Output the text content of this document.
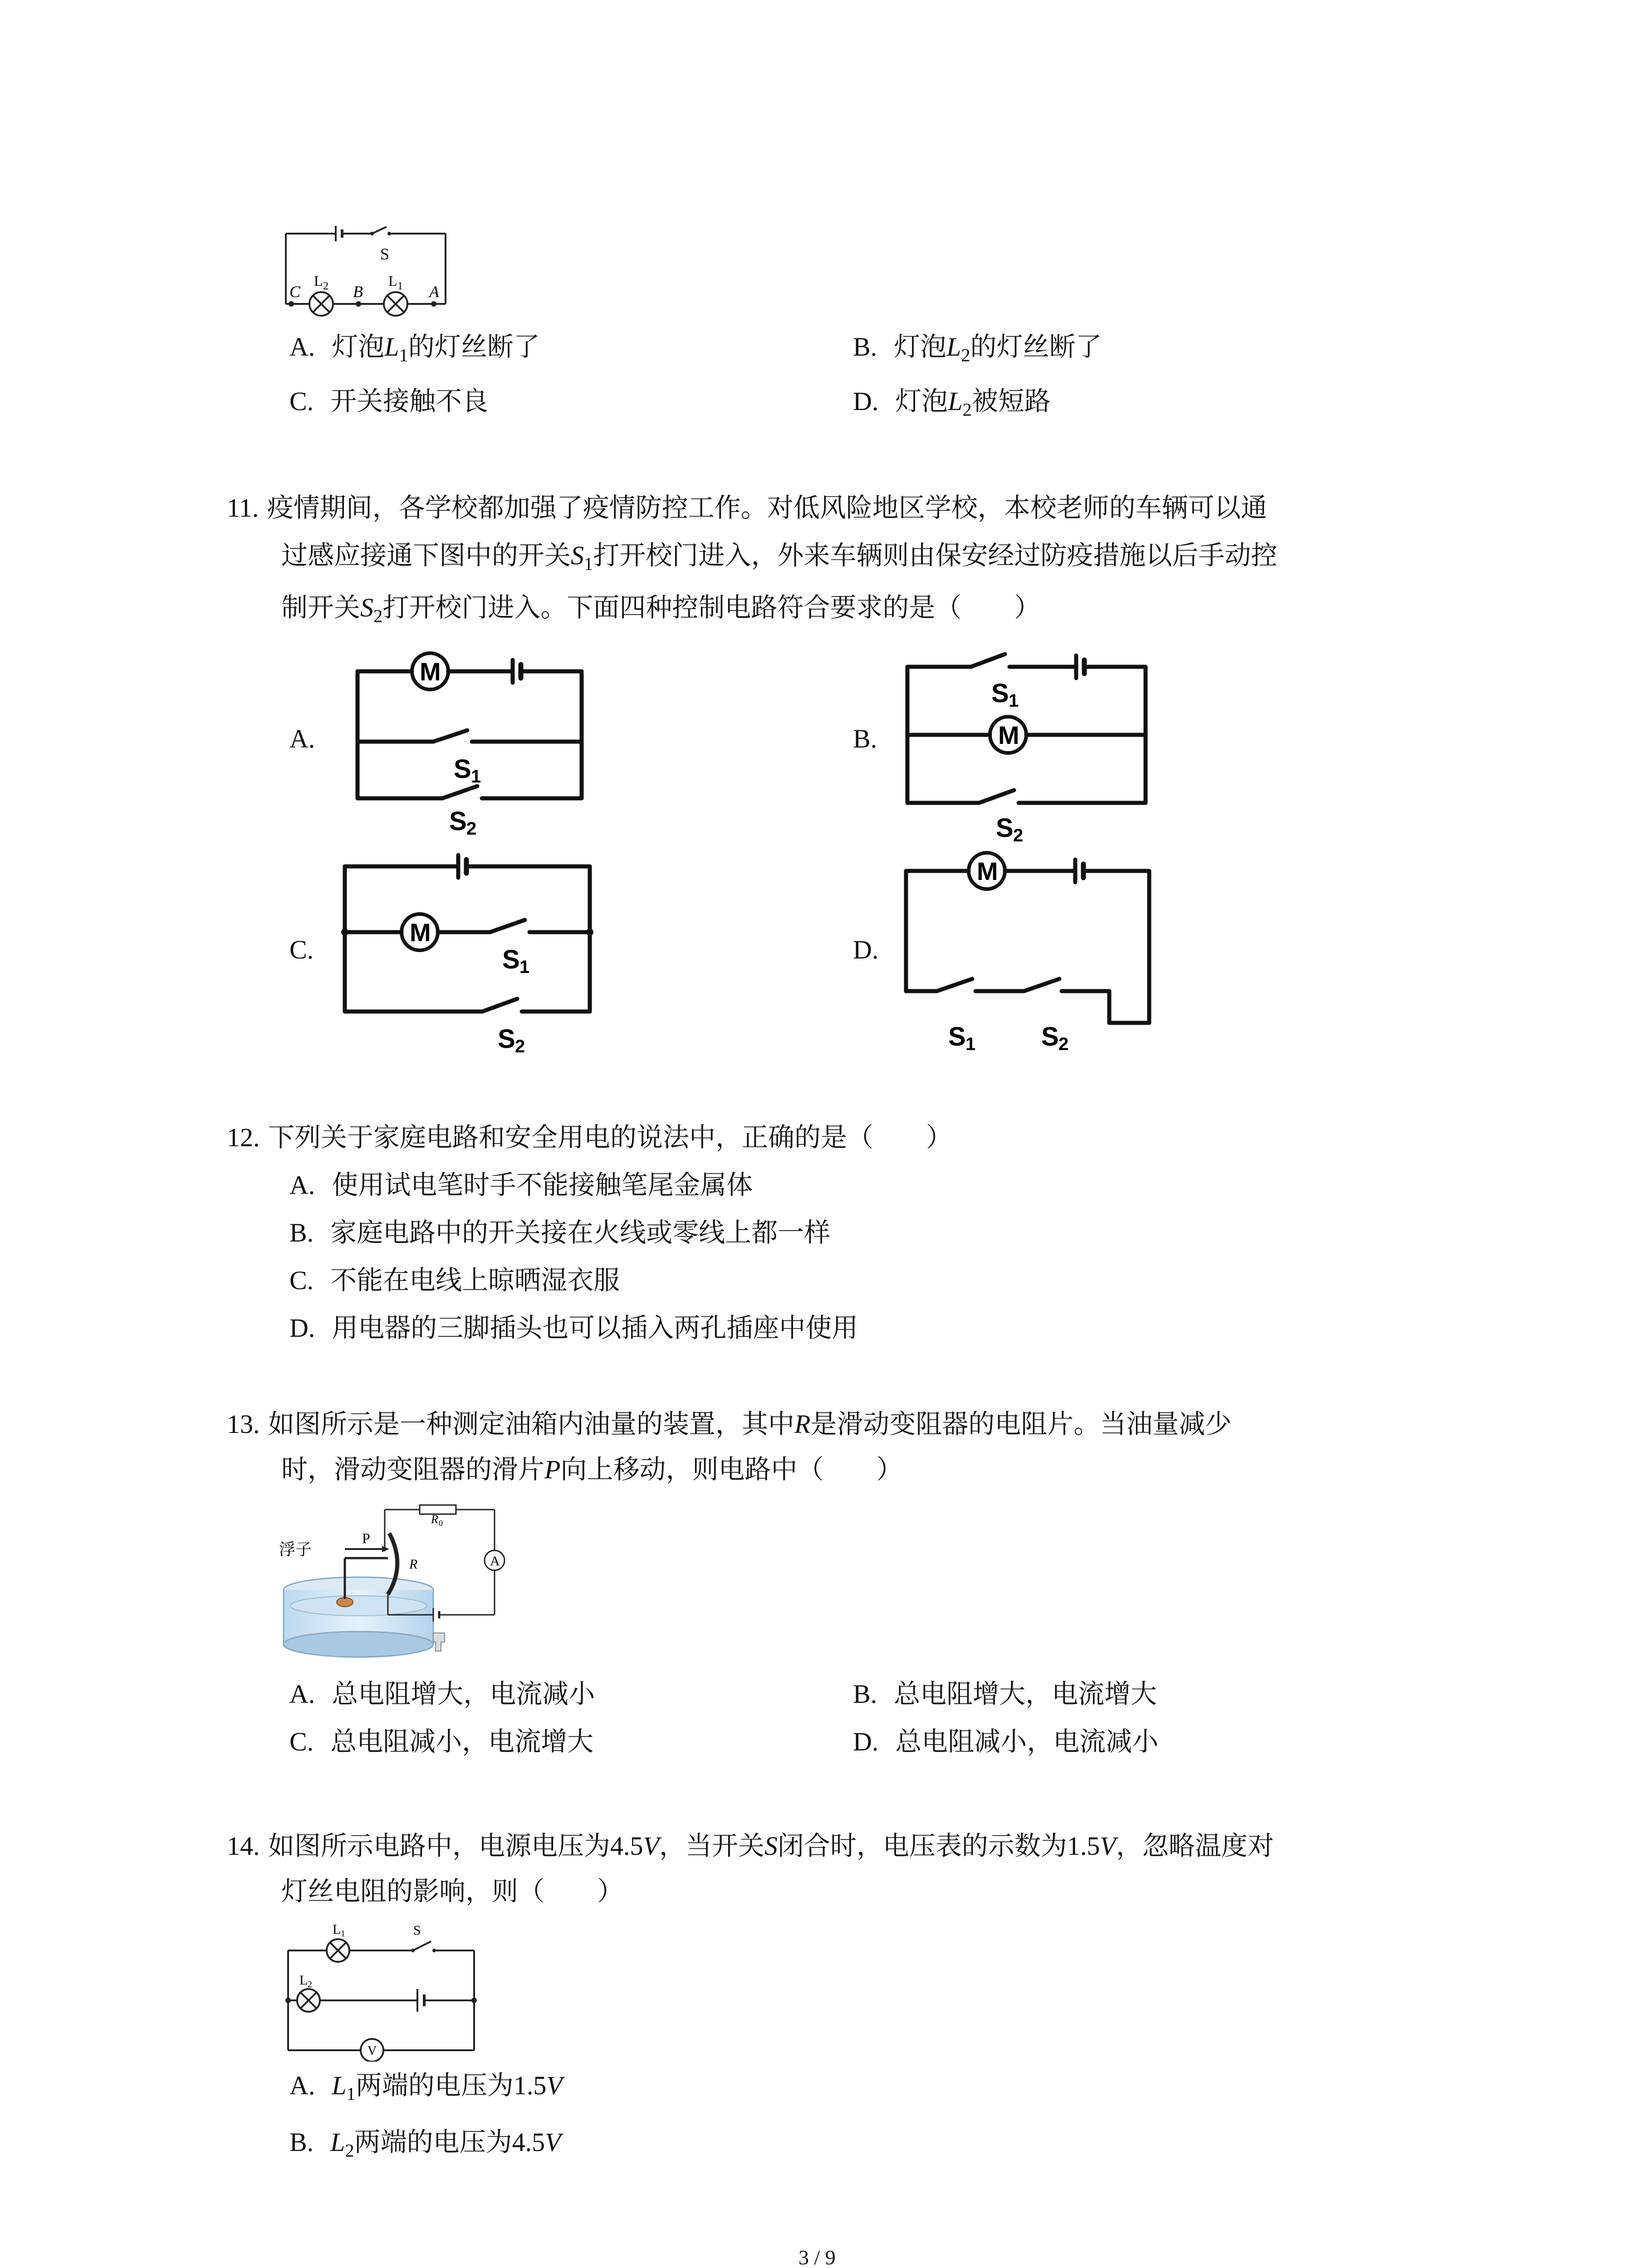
S
C
L 2 B
L 1 A
A. 灯泡$L_1$的灯丝断了	B. 灯泡$L_2$的灯丝断了
C. 开关接触不良	D. 灯泡$L_2$被短路
11. 疫情期间，各学校都加强了疫情防控工作。对低风险地区学校，本校老师的车辆可以通
过感应接通下图中的开关$S_1$打开校门进入，外来车辆则由保安经过防疫措施以后手动控
制开关$S_2$打开校门进入。下面四种控制电路符合要求的是（　　）
A.	B.
C.	D.
M
S 1
S 2
M
S 1
S 2
M
S 1
S 2
M
S 1 S 2
12. 下列关于家庭电路和安全用电的说法中，正确的是（　　）
A. 使用试电笔时手不能接触笔尾金属体
B. 家庭电路中的开关接在火线或零线上都一样
C. 不能在电线上晾晒湿衣服
D. 用电器的三脚插头也可以插入两孔插座中使用
13. 如图所示是一种测定油箱内油量的装置，其中R是滑动变阻器的电阻片。当油量减少
时，滑动变阻器的滑片P向上移动，则电路中（　　）
浮子
P
R
R 0
A
A. 总电阻增大，电流减小	B. 总电阻增大，电流增大
C. 总电阻减小，电流增大	D. 总电阻减小，电流减小
14. 如图所示电路中，电源电压为4.5V，当开关S闭合时，电压表的示数为1.5V，忽略温度对
灯丝电阻的影响，则（　　）
L 1	S
L 2
V
A. $L_1$两端的电压为1.5V
B. $L_2$两端的电压为4.5V
3 / 9
